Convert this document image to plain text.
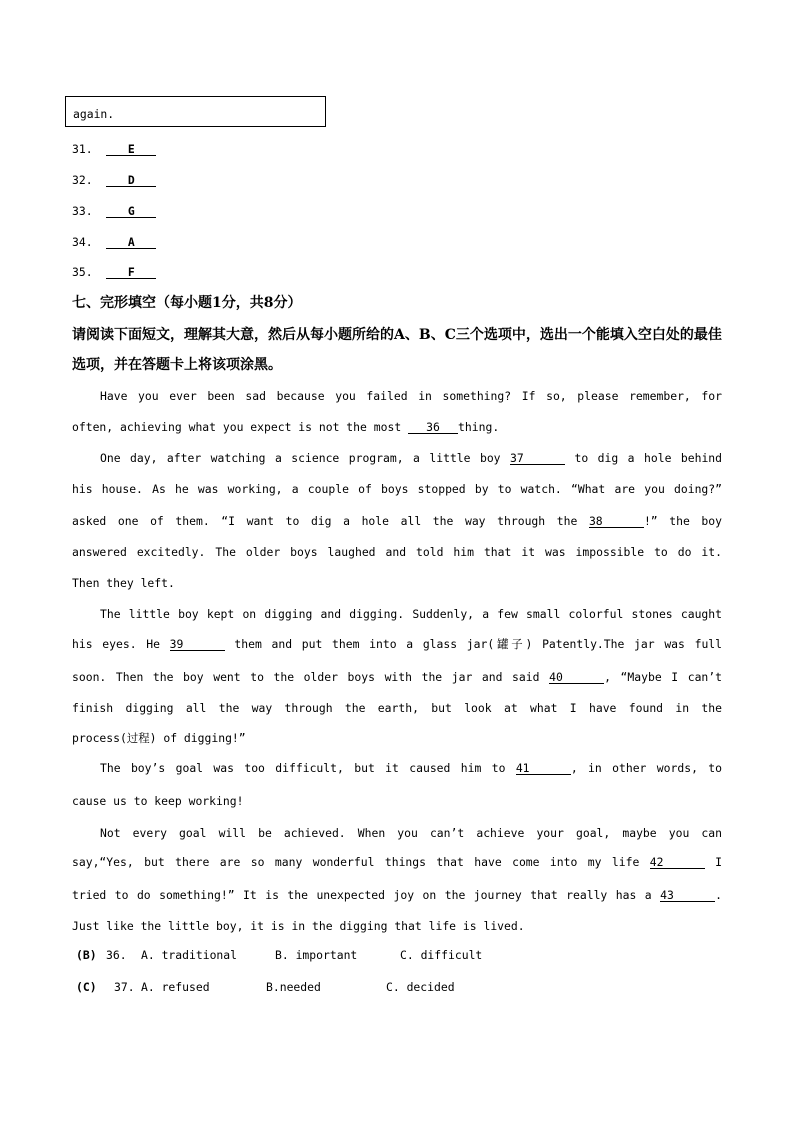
again.
31.	E
32.	D
33.	G
34.	A
35.	F
七、完形填空（每小题1分，共8分）
请阅读下面短文，理解其大意，然后从每小题所给的A、B、C三个选项中，选出一个能填入空白处的最佳
选项，并在答题卡上将该项涂黑。
Have you ever been sad because you failed in something? If so, please remember, for
often, achieving what you expect is not the most 36 thing.
One day, after watching a science program, a little boy 37	to dig a hole behind
his house. As he was working, a couple of boys stopped by to watch. “What are you doing?”
asked one of them. “I want to dig a hole all the way through the 38	!” the boy
answered excitedly. The older boys laughed and told him that it was impossible to do it.
Then they left.
The little boy kept on digging and digging. Suddenly, a few small colorful stones caught
his eyes. He 39	them and put them into a glass jar(罐子) Patently.The jar was full
soon. Then the boy went to the older boys with the jar and said 40	, “Maybe I can’t
finish digging all the way through the earth, but look at what I have found in the
process(过程) of digging!”
The boy’s goal was too difficult, but it caused him to 41	, in other words, to
cause us to keep working!
Not every goal will be achieved. When you can’t achieve your goal, maybe you can
say,“Yes, but there are so many wonderful things that have come into my life 42	I
tried to do something!” It is the unexpected joy on the journey that really has a 43	.
Just like the little boy, it is in the digging that life is lived.
(B) 36. A. traditional	B. important	C. difficult
(C) 37. A. refused	B.needed	C. decided
